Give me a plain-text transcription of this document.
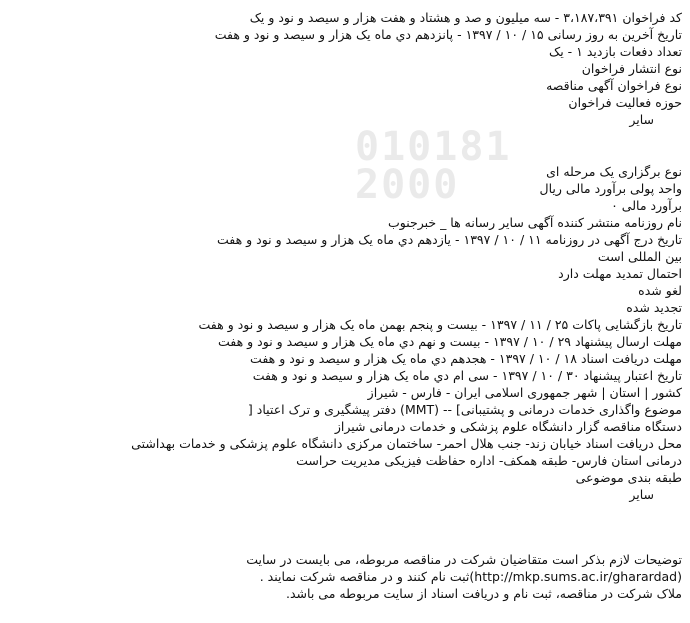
010181
2000
کد فراخوان ۳،۱۸۷،۳۹۱ - سه میلیون و صد و هشتاد و هفت هزار و سیصد و نود و یک
تاریخ آخرین به روز رسانی ۱۵ / ۱۰ / ۱۳۹۷ - پانزدهم دي ماه یک هزار و سیصد و نود و هفت
تعداد دفعات بازدید ۱ - یک
نوع انتشار فراخوان
نوع فراخوان آگهی مناقصه
حوزه فعالیت فراخوان
سایر
نوع برگزاری یک مرحله ای
واحد پولی برآورد مالی ریال
برآورد مالی ۰
نام روزنامه منتشر کننده آگهی سایر رسانه ها _ خبرجنوب
تاریخ درج آگهی در روزنامه ۱۱ / ۱۰ / ۱۳۹۷ - یازدهم دي ماه یک هزار و سیصد و نود و هفت
بین المللی است
احتمال تمدید مهلت دارد
لغو شده
تجدید شده
تاریخ بازگشایی پاکات ۲۵ / ۱۱ / ۱۳۹۷ - بیست و پنجم بهمن ماه یک هزار و سیصد و نود و هفت
مهلت ارسال پیشنهاد ۲۹ / ۱۰ / ۱۳۹۷ - بیست و نهم دي ماه یک هزار و سیصد و نود و هفت
مهلت دریافت اسناد ۱۸ / ۱۰ / ۱۳۹۷ - هجدهم دي ماه یک هزار و سیصد و نود و هفت
تاریخ اعتبار پیشنهاد ۳۰ / ۱۰ / ۱۳۹۷ - سی ام دي ماه یک هزار و سیصد و نود و هفت
کشور | استان | شهر جمهوری اسلامی ایران - فارس - شیراز
موضوع واگذاری خدمات درمانی و پشتیبانی] -- (MMT) دفتر پیشگیری و ترک اعتیاد [
دستگاه مناقصه گزار دانشگاه علوم پزشکی و خدمات درمانی شیراز
محل دریافت اسناد خیابان زند- جنب هلال احمر- ساختمان مرکزی دانشگاه علوم پزشکی و خدمات بهداشتی
درمانی استان فارس- طبقه همکف- اداره حفاظت فیزیکی مدیریت حراست
طبقه بندی موضوعی
سایر
توضیحات لازم بذکر است متقاضیان شرکت در مناقصه مربوطه، می بایست در سایت
(http://mkp.sums.ac.ir/gharardad)ثبت نام کنند و در مناقصه شرکت نمایند .
ملاک شرکت در مناقصه، ثبت نام و دریافت اسناد از سایت مربوطه می باشد.
